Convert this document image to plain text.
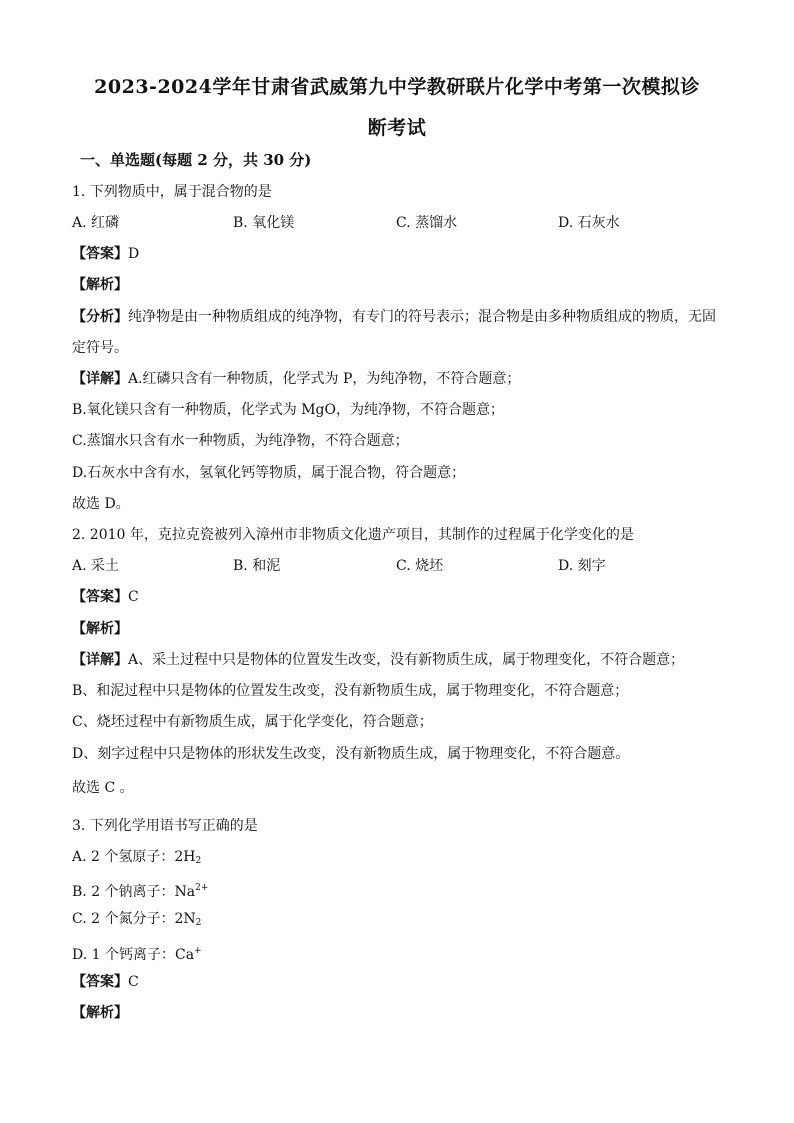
2023-2024学年甘肃省武威第九中学教研联片化学中考第一次模拟诊
断考试
一、单选题(每题 2 分，共 30 分)
1. 下列物质中，属于混合物的是
A. 红磷	B. 氧化镁	C. 蒸馏水	D. 石灰水
【答案】D
【解析】
【分析】纯净物是由一种物质组成的纯净物，有专门的符号表示；混合物是由多种物质组成的物质，无固
定符号。
【详解】A.红磷只含有一种物质，化学式为 P，为纯净物，不符合题意；
B.氧化镁只含有一种物质，化学式为 MgO，为纯净物，不符合题意；
C.蒸馏水只含有水一种物质，为纯净物，不符合题意；
D.石灰水中含有水，氢氧化钙等物质，属于混合物，符合题意；
故选 D。
2. 2010 年，克拉克瓷被列入漳州市非物质文化遗产项目，其制作的过程属于化学变化的是
A. 采土	B. 和泥	C. 烧坯	D. 刻字
【答案】C
【解析】
【详解】A、采土过程中只是物体的位置发生改变，没有新物质生成，属于物理变化，不符合题意；
B、和泥过程中只是物体的位置发生改变，没有新物质生成，属于物理变化，不符合题意；
C、烧坯过程中有新物质生成，属于化学变化，符合题意；
D、刻字过程中只是物体的形状发生改变，没有新物质生成，属于物理变化，不符合题意。
故选 C 。
3. 下列化学用语书写正确的是
A. 2 个氢原子：$2H_2$
B. 2 个钠离子：$Na^{2+}$
C. 2 个氮分子：$2N_2$
D. 1 个钙离子：Ca+
【答案】C
【解析】
